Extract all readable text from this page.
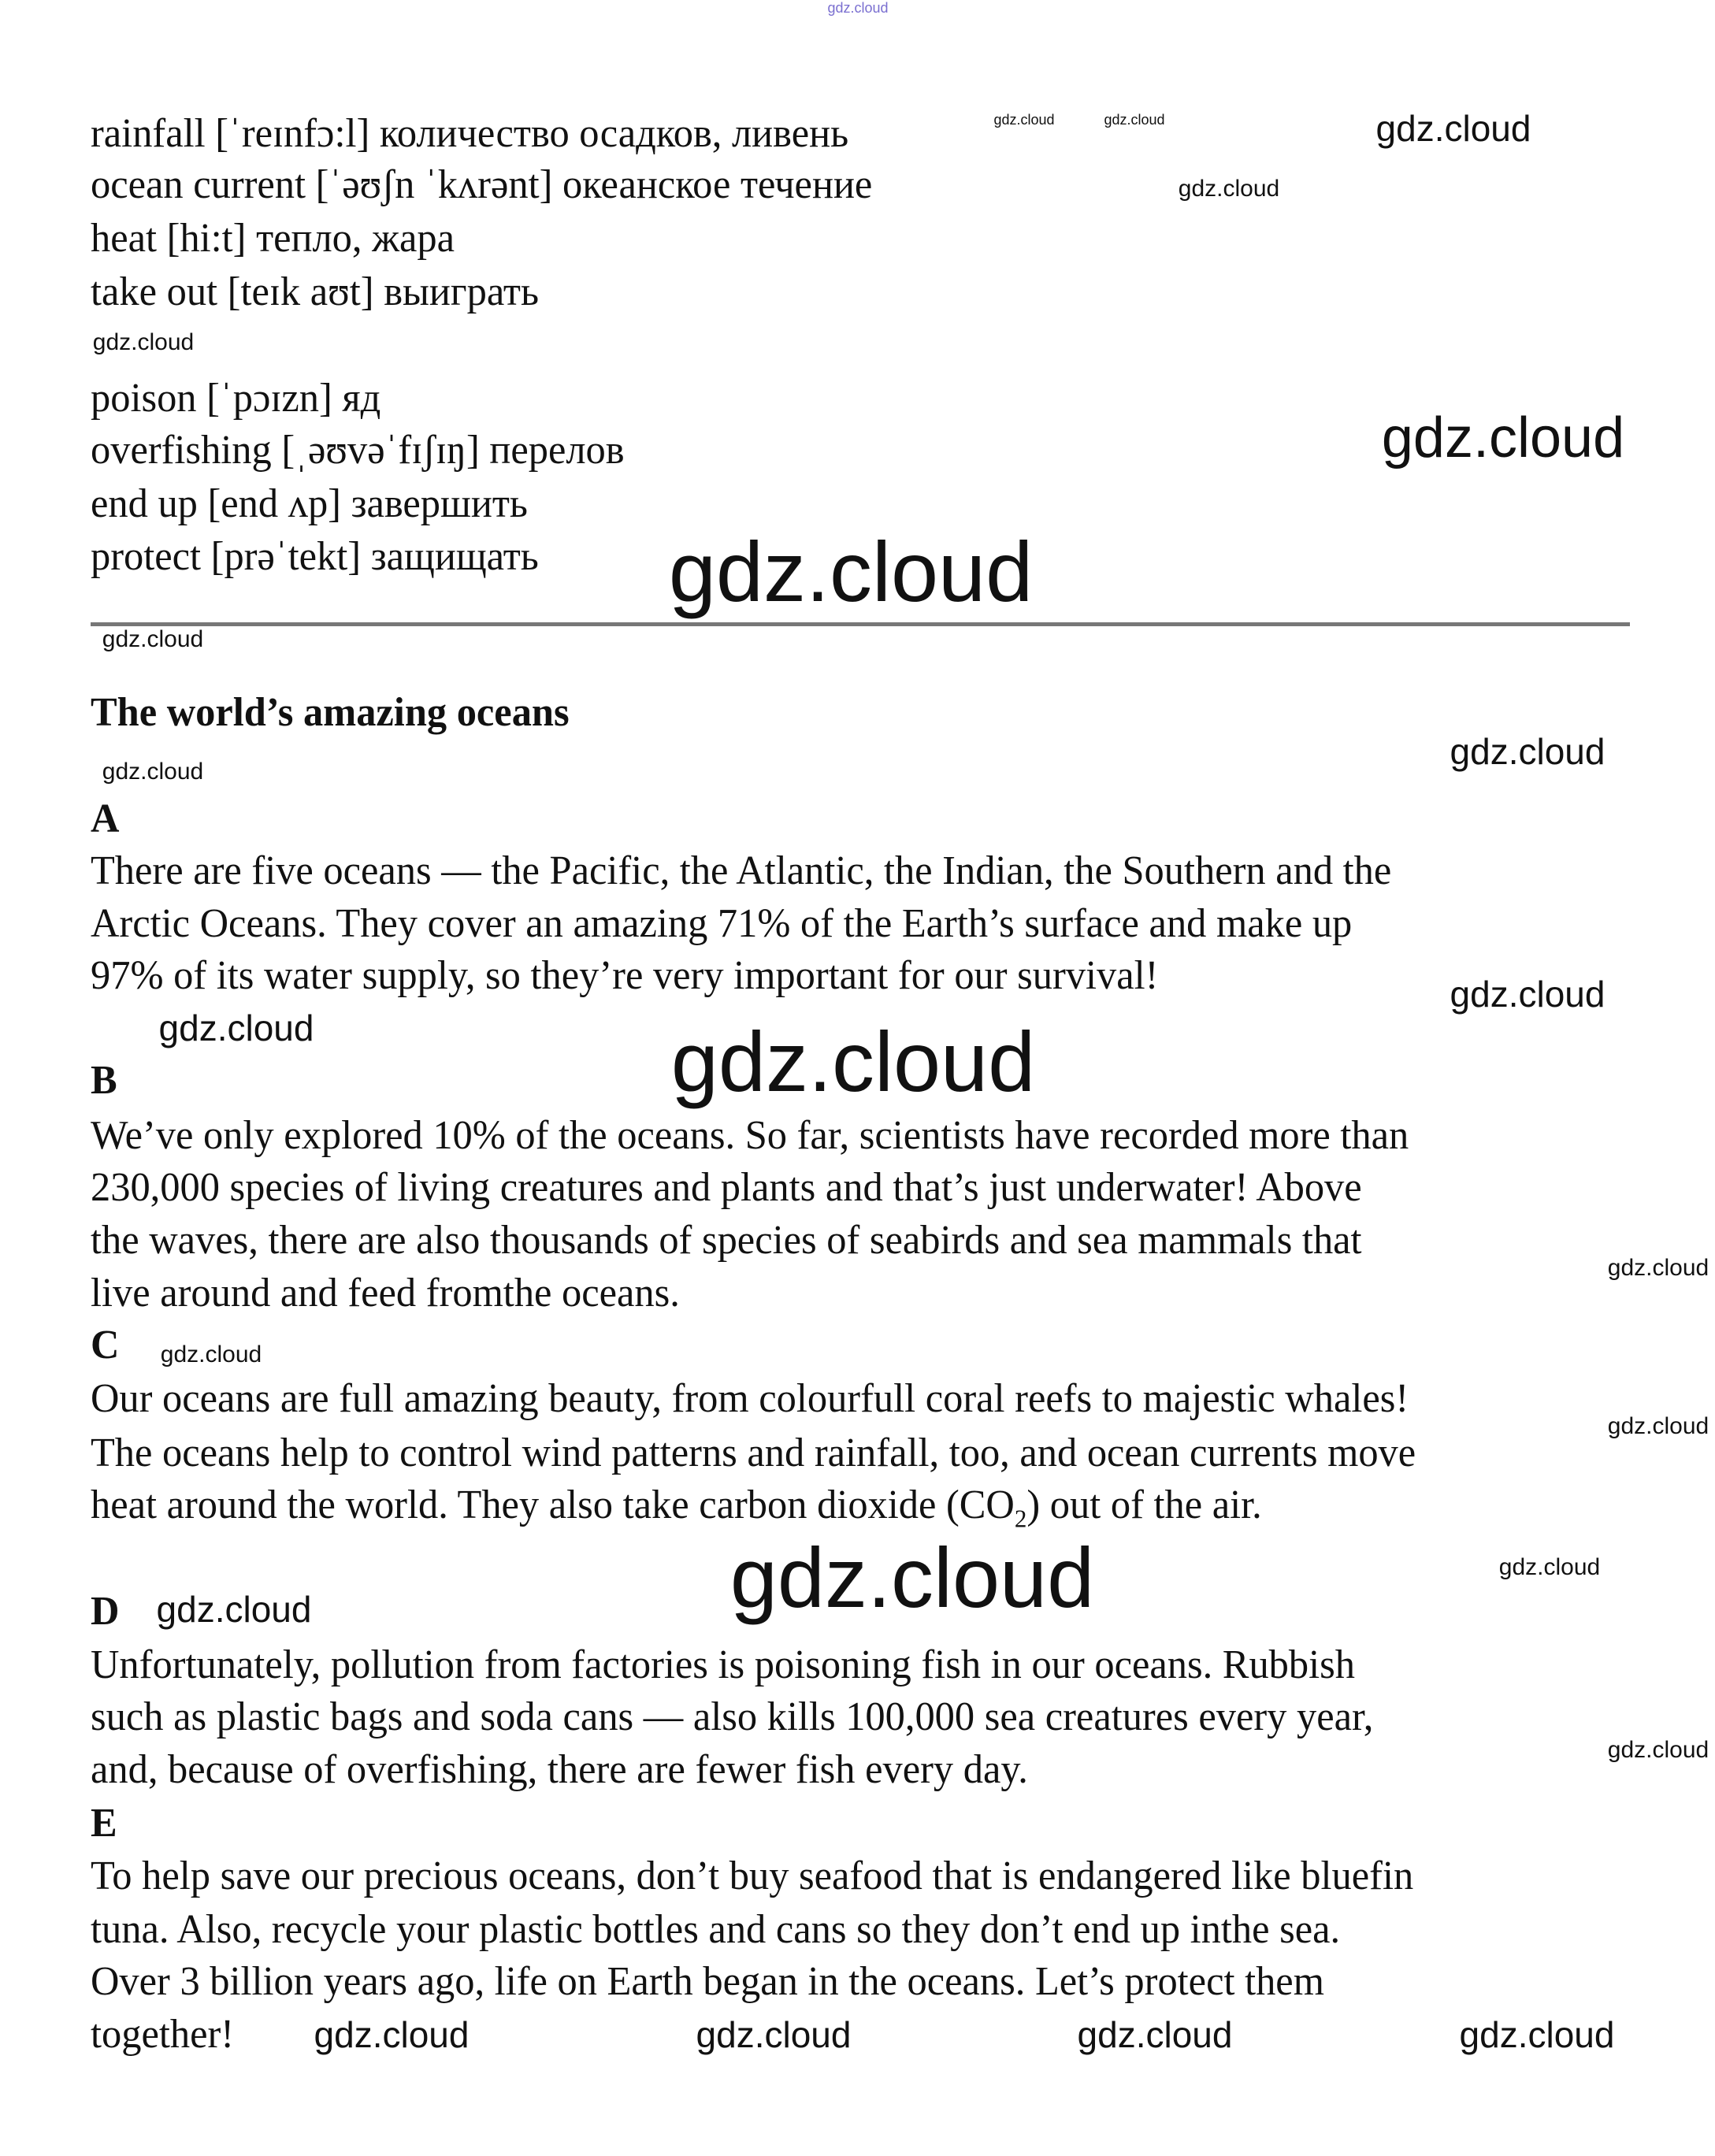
rainfall [ˈreɪnfɔ:l] количество осадков, ливень
ocean current [ˈəʊʃn ˈkʌrənt] океанское течение
heat [hi:t] тепло, жара
take out [teɪk aʊt] выиграть
poison [ˈpɔɪzn] яд
overfishing [ˌəʊvəˈfɪʃɪŋ] перелов
end up [end ʌp] завершить
protect [prəˈtekt] защищать
The world’s amazing oceans
A
There are five oceans — the Pacific, the Atlantic, the Indian, the Southern and the
Arctic Oceans. They cover an amazing 71% of the Earth’s surface and make up
97% of its water supply, so they’re very important for our survival!
B
We’ve only explored 10% of the oceans. So far, scientists have recorded more than
230,000 species of living creatures and plants and that’s just underwater! Above
the waves, there are also thousands of species of seabirds and sea mammals that
live around and feed fromthe oceans.
C
Our oceans are full amazing beauty, from colourfull coral reefs to majestic whales!
The oceans help to control wind patterns and rainfall, too, and ocean currents move
heat around the world. They also take carbon dioxide $(CO_2)$ out of the air.
D
Unfortunately, pollution from factories is poisoning fish in our oceans. Rubbish
such as plastic bags and soda cans — also kills 100,000 sea creatures every year,
and, because of overfishing, there are fewer fish every day.
E
To help save our precious oceans, don’t buy seafood that is endangered like bluefin
tuna. Also, recycle your plastic bottles and cans so they don’t end up inthe sea.
Over 3 billion years ago, life on Earth began in the oceans. Let’s protect them
together!
gdz.cloud
gdz.cloud	gdz.cloud	gdz.cloud
gdz.cloud
gdz.cloud
gdz.cloud
gdz.cloud
gdz.cloud
gdz.cloud
gdz.cloud
gdz.cloud
gdz.cloud	gdz.cloud
gdz.cloud
gdz.cloud
gdz.cloud
gdz.cloud	gdz.cloud
gdz.cloud
gdz.cloud
gdz.cloud	gdz.cloud	gdz.cloud	gdz.cloud
